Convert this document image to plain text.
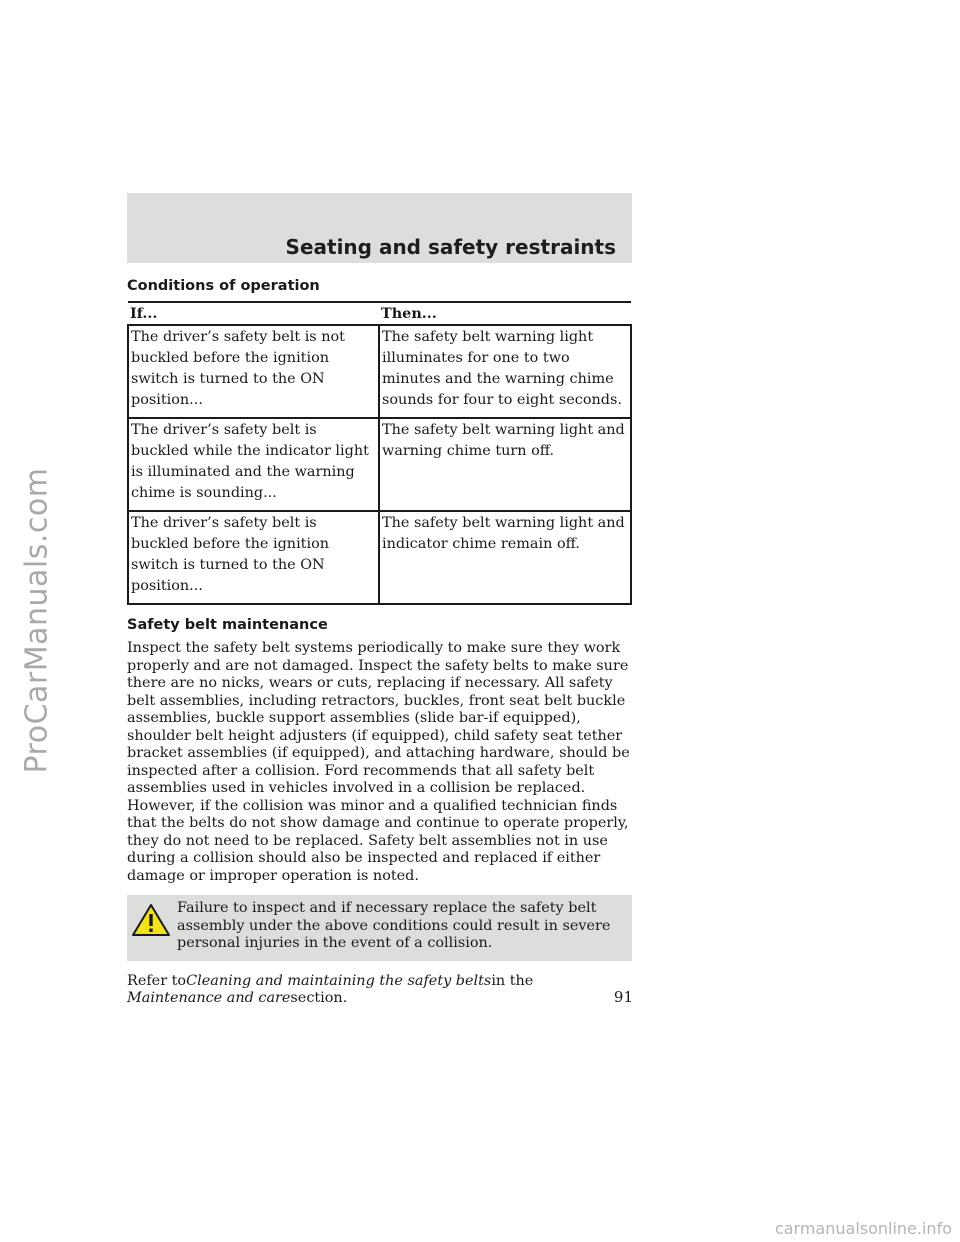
ProCarManuals.com
Seating and safety restraints
Conditions of operation
If...	Then...
The driver’s safety belt is not buckled before the ignition switch is turned to the ON position...	The safety belt warning light illuminates for one to two minutes and the warning chime sounds for four to eight seconds.
The driver’s safety belt is buckled while the indicator light is illuminated and the warning chime is sounding...	The safety belt warning light and warning chime turn off.
The driver’s safety belt is buckled before the ignition switch is turned to the ON position...	The safety belt warning light and indicator chime remain off.
Safety belt maintenance

Inspect the safety belt systems periodically to make sure they work properly and are not damaged. Inspect the safety belts to make sure there are no nicks, wears or cuts, replacing if necessary. All safety belt assemblies, including retractors, buckles, front seat belt buckle assemblies, buckle support assemblies (slide bar-if equipped), shoulder belt height adjusters (if equipped), child safety seat tether bracket assemblies (if equipped), and attaching hardware, should be inspected after a collision. Ford recommends that all safety belt assemblies used in vehicles involved in a collision be replaced. However, if the collision was minor and a qualified technician finds that the belts do not show damage and continue to operate properly, they do not need to be replaced. Safety belt assemblies not in use during a collision should also be inspected and replaced if either damage or improper operation is noted.

Failure to inspect and if necessary replace the safety belt assembly under the above conditions could result in severe personal injuries in the event of a collision.

Refer toCleaning and maintaining the safety beltsin the
Maintenance and caresection.	91
carmanualsonline.info
